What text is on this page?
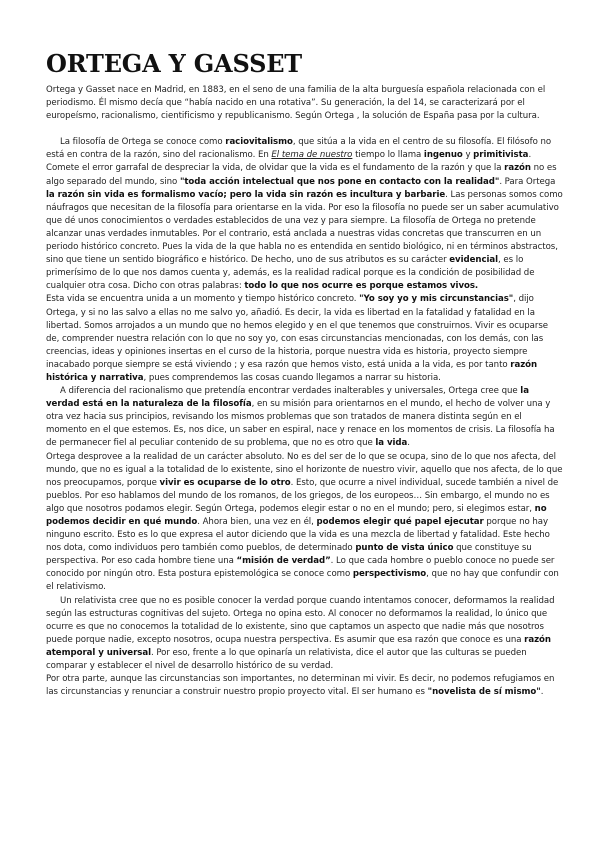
ORTEGA Y GASSET

Ortega y Gasset nace en Madrid, en 1883, en el seno de una familia de la alta burguesía española relacionada con el periodismo. Él mismo decía que “había nacido en una rotativa”. Su generación, la del 14, se caracterizará por el europeísmo, racionalismo, cientificismo y republicanismo. Según Ortega , la solución de España pasa por la cultura.

La filosofía de Ortega se conoce como raciovitalismo, que sitúa a la vida en el centro de su filosofía. El filósofo no está en contra de la razón, sino del racionalismo. En El tema de nuestro tiempo lo llama ingenuo y primitivista. Comete el error garrafal de despreciar la vida, de olvidar que la vida es el fundamento de la razón y que la razón no es algo separado del mundo, sino "toda acción intelectual que nos pone en contacto con la realidad". Para Ortega la razón sin vida es formalismo vacío; pero la vida sin razón es incultura y barbarie. Las personas somos como náufragos que necesitan de la filosofía para orientarse en la vida. Por eso la filosofía no puede ser un saber acumulativo que dé unos conocimientos o verdades establecidos de una vez y para siempre. La filosofía de Ortega no pretende alcanzar unas verdades inmutables. Por el contrario, está anclada a nuestras vidas concretas que transcurren en un periodo histórico concreto. Pues la vida de la que habla no es entendida en sentido biológico, ni en términos abstractos, sino que tiene un sentido biográfico e histórico. De hecho, uno de sus atributos es su carácter evidencial, es lo primerísimo de lo que nos damos cuenta y, además, es la realidad radical porque es la condición de posibilidad de cualquier otra cosa. Dicho con otras palabras: todo lo que nos ocurre es porque estamos vivos.

Esta vida se encuentra unida a un momento y tiempo histórico concreto. "Yo soy yo y mis circunstancias", dijo Ortega, y si no las salvo a ellas no me salvo yo, añadió. Es decir, la vida es libertad en la fatalidad y fatalidad en la libertad. Somos arrojados a un mundo que no hemos elegido y en el que tenemos que construirnos. Vivir es ocuparse de, comprender nuestra relación con lo que no soy yo, con esas circunstancias mencionadas, con los demás, con las creencias, ideas y opiniones insertas en el curso de la historia, porque nuestra vida es historia, proyecto siempre inacabado porque siempre se está viviendo ; y esa razón que hemos visto, está unida a la vida, es por tanto razón histórica y narrativa, pues comprendemos las cosas cuando llegamos a narrar su historia.

A diferencia del racionalismo que pretendía encontrar verdades inalterables y universales, Ortega cree que la verdad está en la naturaleza de la filosofía, en su misión para orientarnos en el mundo, el hecho de volver una y otra vez hacia sus principios, revisando los mismos problemas que son tratados de manera distinta según en el momento en el que estemos. Es, nos dice, un saber en espiral, nace y renace en los momentos de crisis. La filosofía ha de permanecer fiel al peculiar contenido de su problema, que no es otro que la vida.

Ortega desprovee a la realidad de un carácter absoluto. No es del ser de lo que se ocupa, sino de lo que nos afecta, del mundo, que no es igual a la totalidad de lo existente, sino el horizonte de nuestro vivir, aquello que nos afecta, de lo que nos preocupamos, porque vivir es ocuparse de lo otro. Esto, que ocurre a nivel individual, sucede también a nivel de pueblos. Por eso hablamos del mundo de los romanos, de los griegos, de los europeos… Sin embargo, el mundo no es algo que nosotros podamos elegir. Según Ortega, podemos elegir estar o no en el mundo; pero, si elegimos estar, no podemos decidir en qué mundo. Ahora bien, una vez en él, podemos elegir qué papel ejecutar porque no hay ninguno escrito. Esto es lo que expresa el autor diciendo que la vida es una mezcla de libertad y fatalidad. Este hecho nos dota, como individuos pero también como pueblos, de determinado punto de vista único que constituye su perspectiva. Por eso cada hombre tiene una “misión de verdad”. Lo que cada hombre o pueblo conoce no puede ser conocido por ningún otro. Esta postura epistemológica se conoce como perspectivismo, que no hay que confundir con el relativismo.

Un relativista cree que no es posible conocer la verdad porque cuando intentamos conocer, deformamos la realidad según las estructuras cognitivas del sujeto. Ortega no opina esto. Al conocer no deformamos la realidad, lo único que ocurre es que no conocemos la totalidad de lo existente, sino que captamos un aspecto que nadie más que nosotros puede porque nadie, excepto nosotros, ocupa nuestra perspectiva. Es asumir que esa razón que conoce es una razón atemporal y universal. Por eso, frente a lo que opinaría un relativista, dice el autor que las culturas se pueden comparar y establecer el nivel de desarrollo histórico de su verdad.

Por otra parte, aunque las circunstancias son importantes, no determinan mi vivir. Es decir, no podemos refugiamos en las circunstancias y renunciar a construir nuestro propio proyecto vital. El ser humano es "novelista de sí mismo".
